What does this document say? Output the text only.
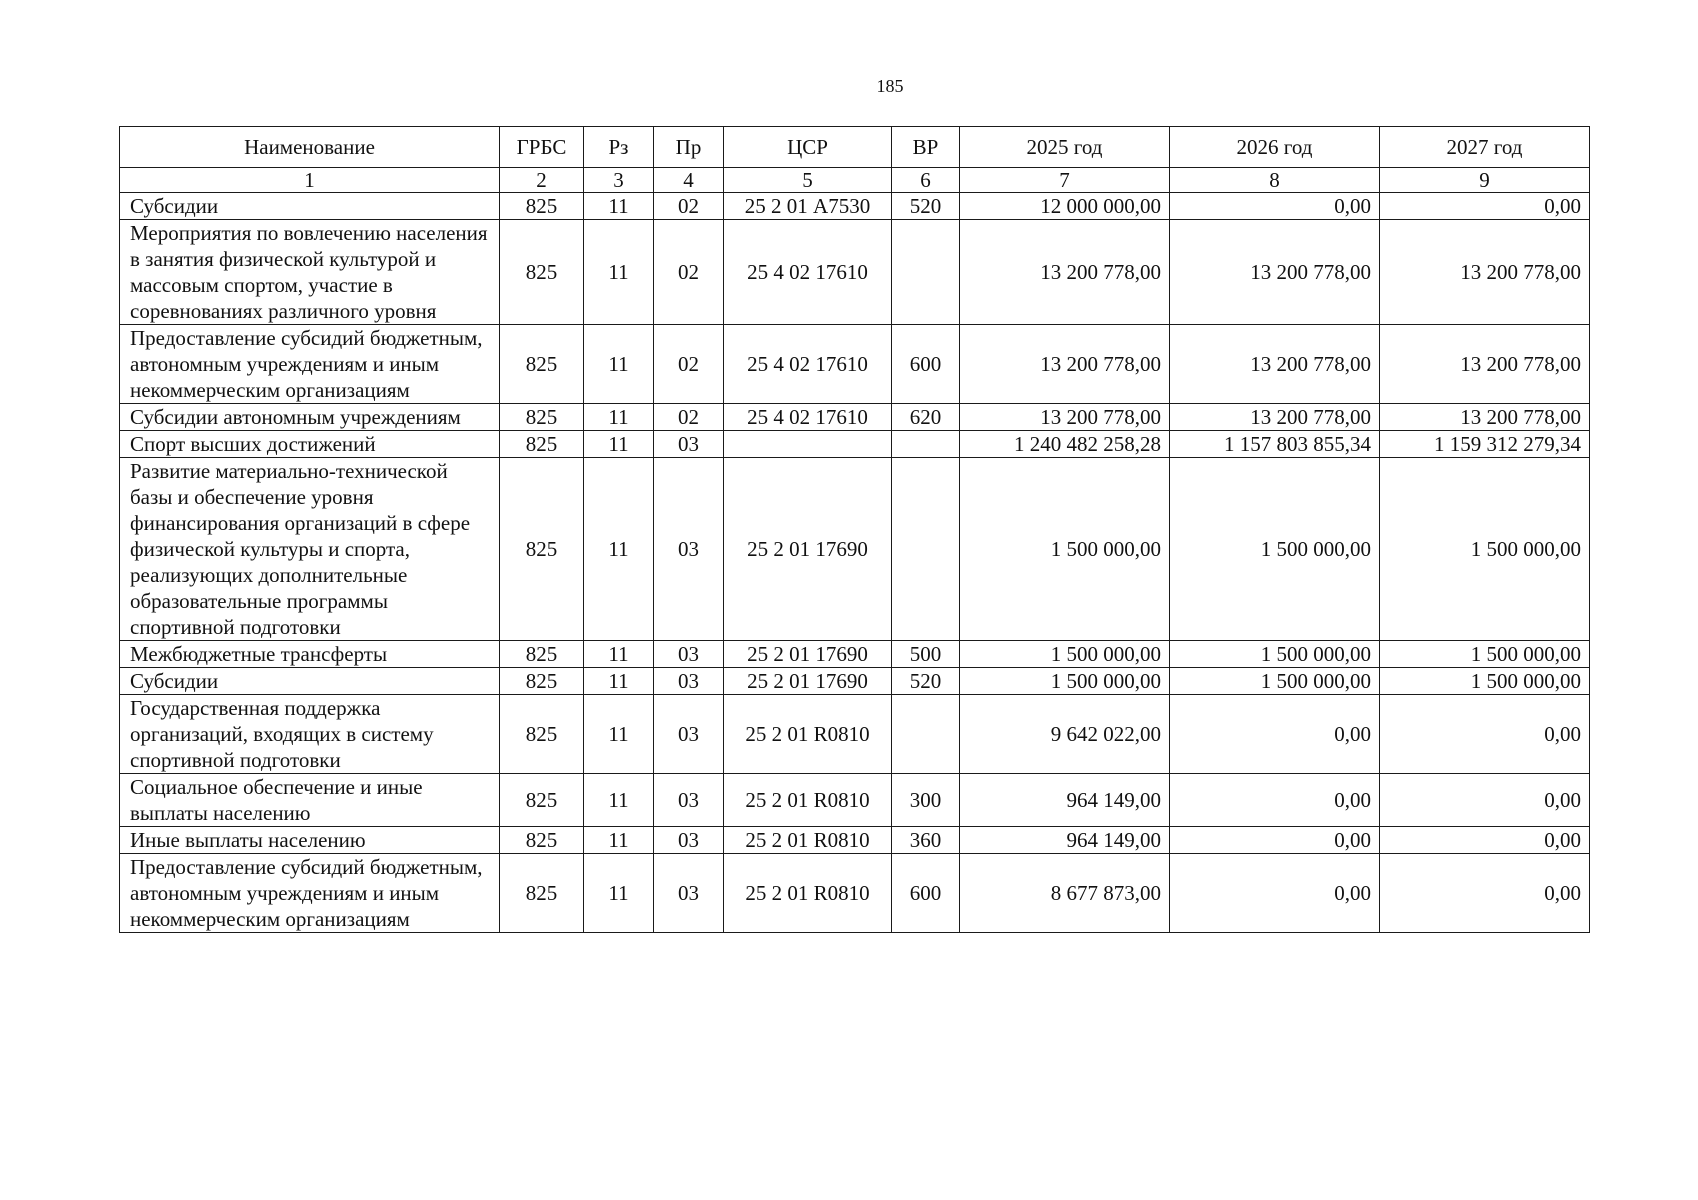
185
Наименование	ГРБС	Рз	Пр	ЦСР	ВР	2025 год	2026 год	2027 год
1	2	3	4	5	6	7	8	9
Субсидии	825	11	02	25 2 01 А7530	520	12 000 000,00	0,00	0,00
Мероприятия по вовлечению населения в занятия физической культурой и массовым спортом, участие в соревнованиях различного уровня	825	11	02	25 4 02 17610		13 200 778,00	13 200 778,00	13 200 778,00
Предоставление субсидий бюджетным, автономным учреждениям и иным некоммерческим организациям	825	11	02	25 4 02 17610	600	13 200 778,00	13 200 778,00	13 200 778,00
Субсидии автономным учреждениям	825	11	02	25 4 02 17610	620	13 200 778,00	13 200 778,00	13 200 778,00
Спорт высших достижений	825	11	03			1 240 482 258,28	1 157 803 855,34	1 159 312 279,34
Развитие материально-технической базы и обеспечение уровня финансирования организаций в сфере физической культуры и спорта, реализующих дополнительные образовательные программы спортивной подготовки	825	11	03	25 2 01 17690		1 500 000,00	1 500 000,00	1 500 000,00
Межбюджетные трансферты	825	11	03	25 2 01 17690	500	1 500 000,00	1 500 000,00	1 500 000,00
Субсидии	825	11	03	25 2 01 17690	520	1 500 000,00	1 500 000,00	1 500 000,00
Государственная поддержка организаций, входящих в систему спортивной подготовки	825	11	03	25 2 01 R0810		9 642 022,00	0,00	0,00
Социальное обеспечение и иные выплаты населению	825	11	03	25 2 01 R0810	300	964 149,00	0,00	0,00
Иные выплаты населению	825	11	03	25 2 01 R0810	360	964 149,00	0,00	0,00
Предоставление субсидий бюджетным, автономным учреждениям и иным некоммерческим организациям	825	11	03	25 2 01 R0810	600	8 677 873,00	0,00	0,00
